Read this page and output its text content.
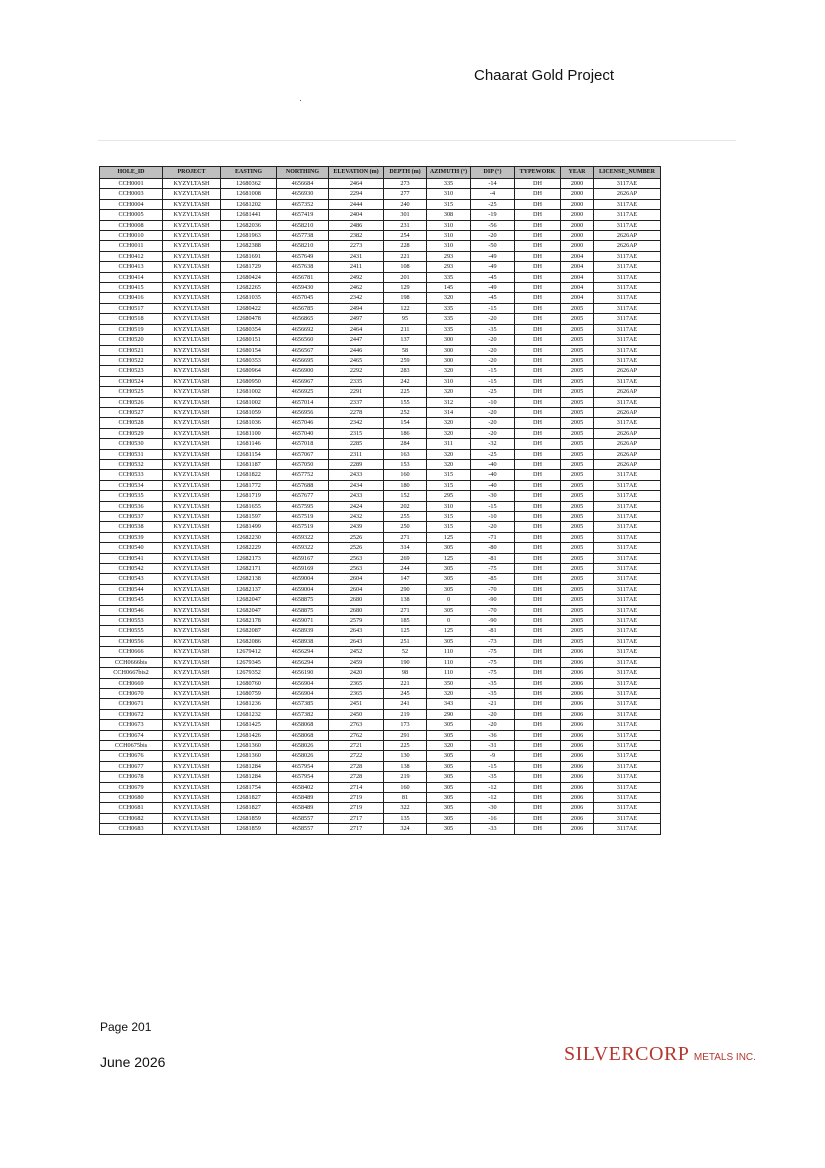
Chaarat Gold Project
HOLE_ID	PROJECT	EASTING	NORTHING	ELEVATION (m)	DEPTH (m)	AZIMUTH (°)	DIP (°)	TYPEWORK	YEAR	LICENSE_NUMBER
CCH0001	KYZYLTASH	12680362	4656684	2464	273	335	-14	DH	2000	3117AE
CCH0003	KYZYLTASH	12681008	4656930	2294	277	310	-4	DH	2000	2626AP
CCH0004	KYZYLTASH	12681202	4657352	2444	240	315	-25	DH	2000	3117AE
CCH0005	KYZYLTASH	12681441	4657419	2404	301	308	-19	DH	2000	3117AE
CCH0008	KYZYLTASH	12682036	4658210	2486	231	310	-56	DH	2000	3117AE
CCH0010	KYZYLTASH	12681963	4657738	2382	254	310	-20	DH	2000	2626AP
CCH0011	KYZYLTASH	12682388	4658210	2273	228	310	-50	DH	2000	2626AP
CCH0412	KYZYLTASH	12681691	4657649	2431	221	293	-49	DH	2004	3117AE
CCH0413	KYZYLTASH	12681729	4657638	2411	108	293	-49	DH	2004	3117AE
CCH0414	KYZYLTASH	12680424	4656781	2492	201	335	-45	DH	2004	3117AE
CCH0415	KYZYLTASH	12682265	4659430	2462	129	145	-49	DH	2004	3117AE
CCH0416	KYZYLTASH	12681035	4657045	2342	198	320	-45	DH	2004	3117AE
CCH0517	KYZYLTASH	12680422	4656785	2494	122	335	-15	DH	2005	3117AE
CCH0518	KYZYLTASH	12680478	4656865	2497	95	335	-20	DH	2005	3117AE
CCH0519	KYZYLTASH	12680354	4656692	2464	211	335	-35	DH	2005	3117AE
CCH0520	KYZYLTASH	12680151	4656560	2447	137	300	-20	DH	2005	3117AE
CCH0521	KYZYLTASH	12680154	4656567	2446	58	300	-20	DH	2005	3117AE
CCH0522	KYZYLTASH	12680353	4656695	2465	259	300	-20	DH	2005	3117AE
CCH0523	KYZYLTASH	12680964	4656900	2292	283	320	-15	DH	2005	2626AP
CCH0524	KYZYLTASH	12680950	4656967	2335	242	310	-15	DH	2005	3117AE
CCH0525	KYZYLTASH	12681002	4656925	2291	225	320	-25	DH	2005	2626AP
CCH0526	KYZYLTASH	12681002	4657014	2337	155	312	-10	DH	2005	3117AE
CCH0527	KYZYLTASH	12681059	4656956	2278	252	314	-20	DH	2005	2626AP
CCH0528	KYZYLTASH	12681036	4657046	2342	154	320	-20	DH	2005	3117AE
CCH0529	KYZYLTASH	12681100	4657040	2315	186	320	-20	DH	2005	2626AP
CCH0530	KYZYLTASH	12681146	4657018	2285	284	311	-32	DH	2005	2626AP
CCH0531	KYZYLTASH	12681154	4657067	2311	163	320	-25	DH	2005	2626AP
CCH0532	KYZYLTASH	12681187	4657050	2289	153	320	-40	DH	2005	2626AP
CCH0533	KYZYLTASH	12681822	4657752	2433	160	315	-40	DH	2005	3117AE
CCH0534	KYZYLTASH	12681772	4657688	2434	180	315	-40	DH	2005	3117AE
CCH0535	KYZYLTASH	12681719	4657677	2433	152	295	-30	DH	2005	3117AE
CCH0536	KYZYLTASH	12681655	4657595	2424	202	310	-15	DH	2005	3117AE
CCH0537	KYZYLTASH	12681597	4657519	2432	255	315	-10	DH	2005	3117AE
CCH0538	KYZYLTASH	12681499	4657519	2439	250	315	-20	DH	2005	3117AE
CCH0539	KYZYLTASH	12682230	4659322	2526	271	125	-71	DH	2005	3117AE
CCH0540	KYZYLTASH	12682229	4659322	2526	314	305	-80	DH	2005	3117AE
CCH0541	KYZYLTASH	12682173	4659167	2563	269	125	-81	DH	2005	3117AE
CCH0542	KYZYLTASH	12682171	4659169	2563	244	305	-75	DH	2005	3117AE
CCH0543	KYZYLTASH	12682138	4659004	2604	147	305	-85	DH	2005	3117AE
CCH0544	KYZYLTASH	12682137	4659004	2604	290	305	-70	DH	2005	3117AE
CCH0545	KYZYLTASH	12682047	4658875	2680	138	0	-90	DH	2005	3117AE
CCH0546	KYZYLTASH	12682047	4658875	2680	271	305	-70	DH	2005	3117AE
CCH0553	KYZYLTASH	12682178	4659071	2579	185	0	-90	DH	2005	3117AE
CCH0555	KYZYLTASH	12682087	4658939	2643	125	125	-81	DH	2005	3117AE
CCH0556	KYZYLTASH	12682086	4658938	2643	251	305	-73	DH	2005	3117AE
CCH0666	KYZYLTASH	12679412	4656294	2452	52	110	-75	DH	2006	3117AE
CCH0666bis	KYZYLTASH	12679345	4656294	2459	190	110	-75	DH	2006	3117AE
CCH0667bis2	KYZYLTASH	12679352	4656190	2420	98	110	-75	DH	2006	3117AE
CCH0669	KYZYLTASH	12680760	4656904	2365	221	350	-35	DH	2006	3117AE
CCH0670	KYZYLTASH	12680759	4656904	2365	245	320	-35	DH	2006	3117AE
CCH0671	KYZYLTASH	12681236	4657385	2451	241	343	-21	DH	2006	3117AE
CCH0672	KYZYLTASH	12681232	4657382	2450	219	290	-20	DH	2006	3117AE
CCH0673	KYZYLTASH	12681425	4658068	2763	173	305	-20	DH	2006	3117AE
CCH0674	KYZYLTASH	12681426	4658068	2762	291	305	-36	DH	2006	3117AE
CCH0675bis	KYZYLTASH	12681360	4658026	2721	225	320	-31	DH	2006	3117AE
CCH0676	KYZYLTASH	12681360	4658026	2722	130	305	-9	DH	2006	3117AE
CCH0677	KYZYLTASH	12681284	4657954	2728	138	305	-15	DH	2006	3117AE
CCH0678	KYZYLTASH	12681284	4657954	2728	219	305	-35	DH	2006	3117AE
CCH0679	KYZYLTASH	12681754	4658402	2714	160	305	-12	DH	2006	3117AE
CCH0680	KYZYLTASH	12681827	4658489	2719	81	305	-12	DH	2006	3117AE
CCH0681	KYZYLTASH	12681827	4658489	2719	322	305	-30	DH	2006	3117AE
CCH0682	KYZYLTASH	12681859	4658557	2717	135	305	-16	DH	2006	3117AE
CCH0683	KYZYLTASH	12681859	4658557	2717	324	305	-33	DH	2006	3117AE
Page 201
June 2026	SILVERCORP METALS INC.
